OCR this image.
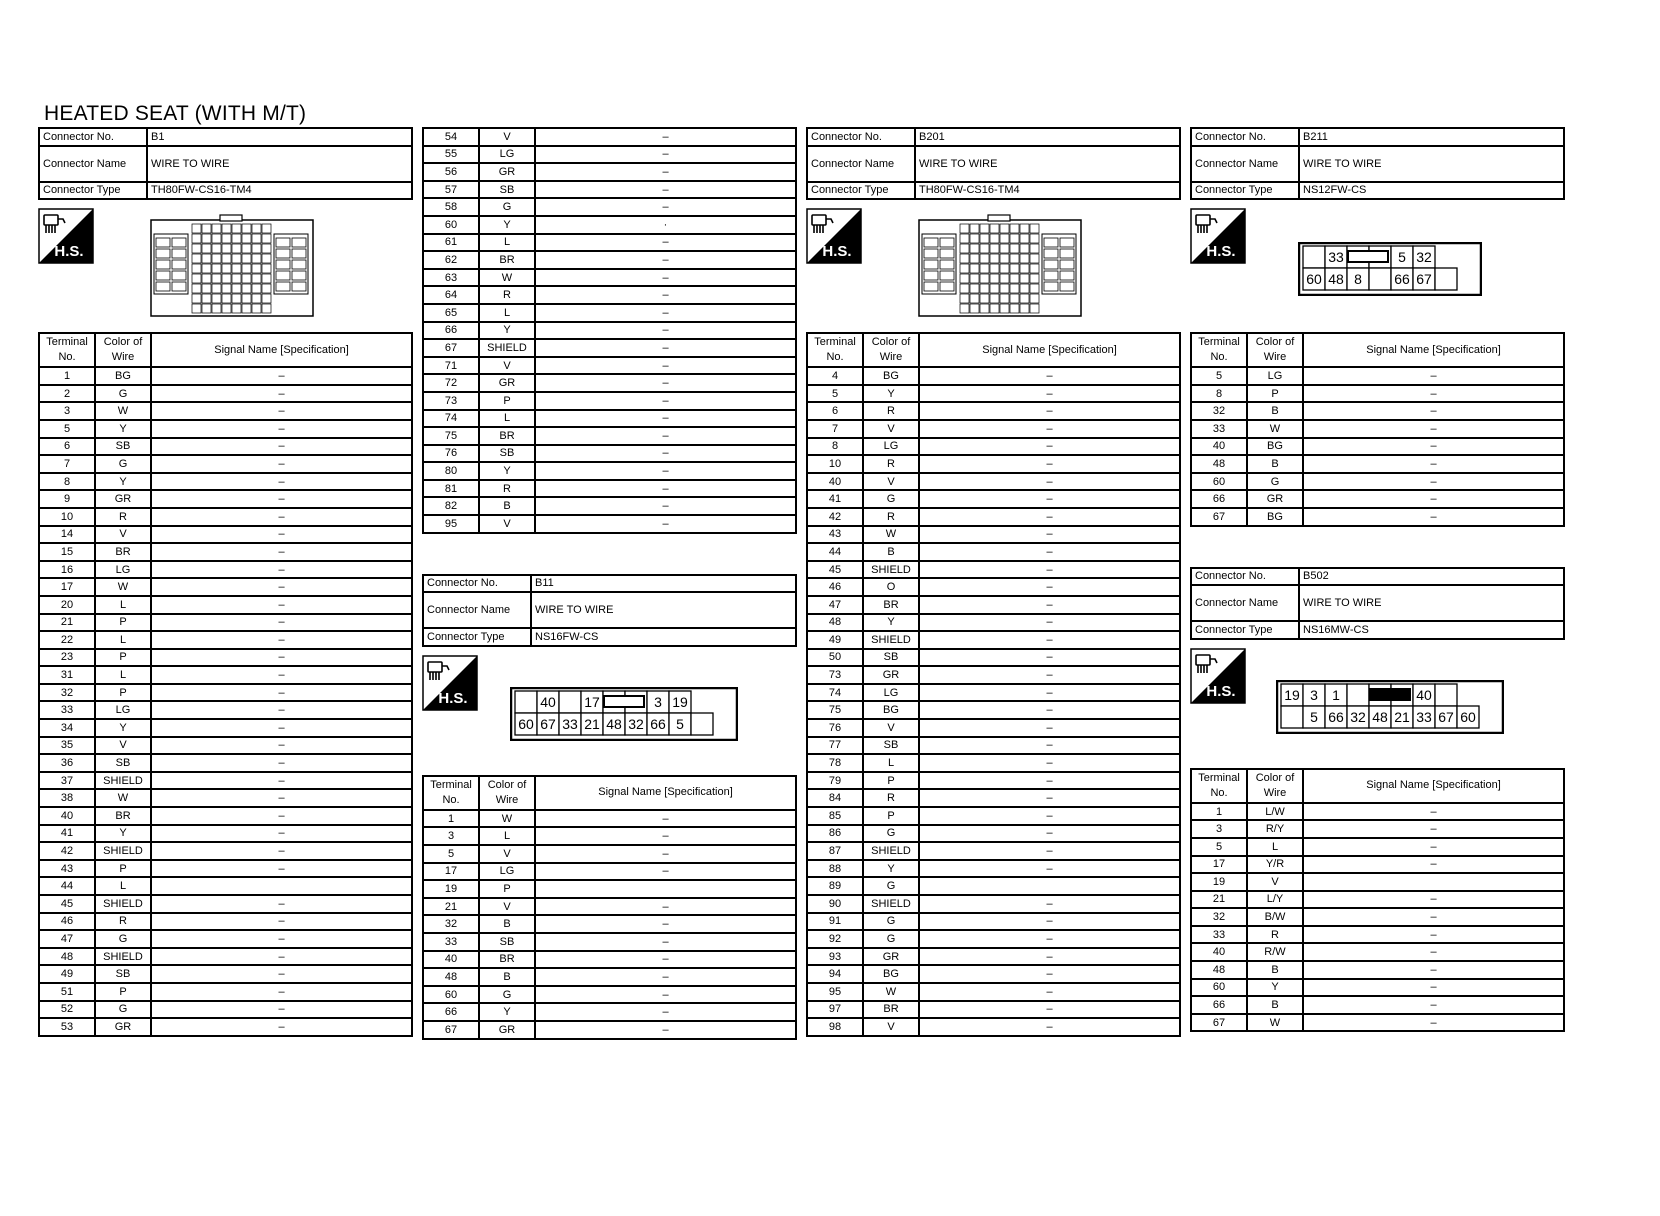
HEATED SEAT (WITH M/T)
Connector No.	B1
Connector Name	WIRE TO WIRE
Connector Type	TH80FW-CS16-TM4
H.S.
Terminal No.	Color of Wire	Signal Name [Specification]
1	BG	–
2	G	–
3	W	–
5	Y	–
6	SB	–
7	G	–
8	Y	–
9	GR	–
10	R	–
14	V	–
15	BR	–
16	LG	–
17	W	–
20	L	–
21	P	–
22	L	–
23	P	–
31	L	–
32	P	–
33	LG	–
34	Y	–
35	V	–
36	SB	–
37	SHIELD	–
38	W	–
40	BR	–
41	Y	–
42	SHIELD	–
43	P	–
44	L	
45	SHIELD	–
46	R	–
47	G	–
48	SHIELD	–
49	SB	–
51	P	–
52	G	–
53	GR	–
54	V	–
55	LG	–
56	GR	–
57	SB	–
58	G	–
60	Y	·
61	L	–
62	BR	–
63	W	–
64	R	–
65	L	–
66	Y	–
67	SHIELD	–
71	V	–
72	GR	–
73	P	–
74	L	–
75	BR	–
76	SB	–
80	Y	–
81	R	–
82	B	–
95	V	–
Connector No.	B11
Connector Name	WIRE TO WIRE
Connector Type	NS16FW-CS
H.S.	40 17	3 19
60 67 33 21 48 32 66 5
Terminal No.	Color of Wire	Signal Name [Specification]
1	W	–
3	L	–
5	V	–
17	LG	–
19	P	
21	V	–
32	B	–
33	SB	–
40	BR	–
48	B	–
60	G	–
66	Y	–
67	GR	–
Connector No.	B201
Connector Name	WIRE TO WIRE
Connector Type	TH80FW-CS16-TM4
H.S.
Terminal No.	Color of Wire	Signal Name [Specification]
4	BG	–
5	Y	–
6	R	–
7	V	–
8	LG	–
10	R	–
40	V	–
41	G	–
42	R	–
43	W	–
44	B	–
45	SHIELD	–
46	O	–
47	BR	–
48	Y	–
49	SHIELD	–
50	SB	–
73	GR	–
74	LG	–
75	BG	–
76	V	–
77	SB	–
78	L	–
79	P	–
84	R	–
85	P	–
86	G	–
87	SHIELD	–
88	Y	–
89	G	
90	SHIELD	–
91	G	–
92	G	–
93	GR	–
94	BG	–
95	W	–
97	BR	–
98	V	–
Connector No.	B211
Connector Name	WIRE TO WIRE
Connector Type	NS12FW-CS
H.S.	33	5 32
60 48 8 66 67
Terminal No.	Color of Wire	Signal Name [Specification]
5	LG	–
8	P	–
32	B	–
33	W	–
40	BG	–
48	B	–
60	G	–
66	GR	–
67	BG	–
Connector No.	B502
Connector Name	WIRE TO WIRE
Connector Type	NS16MW-CS
H.S.	19 3 1	40
5 66 32 48 21 33 67 60
Terminal No.	Color of Wire	Signal Name [Specification]
1	L/W	–
3	R/Y	–
5	L	–
17	Y/R	–
19	V	
21	L/Y	–
32	B/W	–
33	R	–
40	R/W	–
48	B	–
60	Y	–
66	B	–
67	W	–
